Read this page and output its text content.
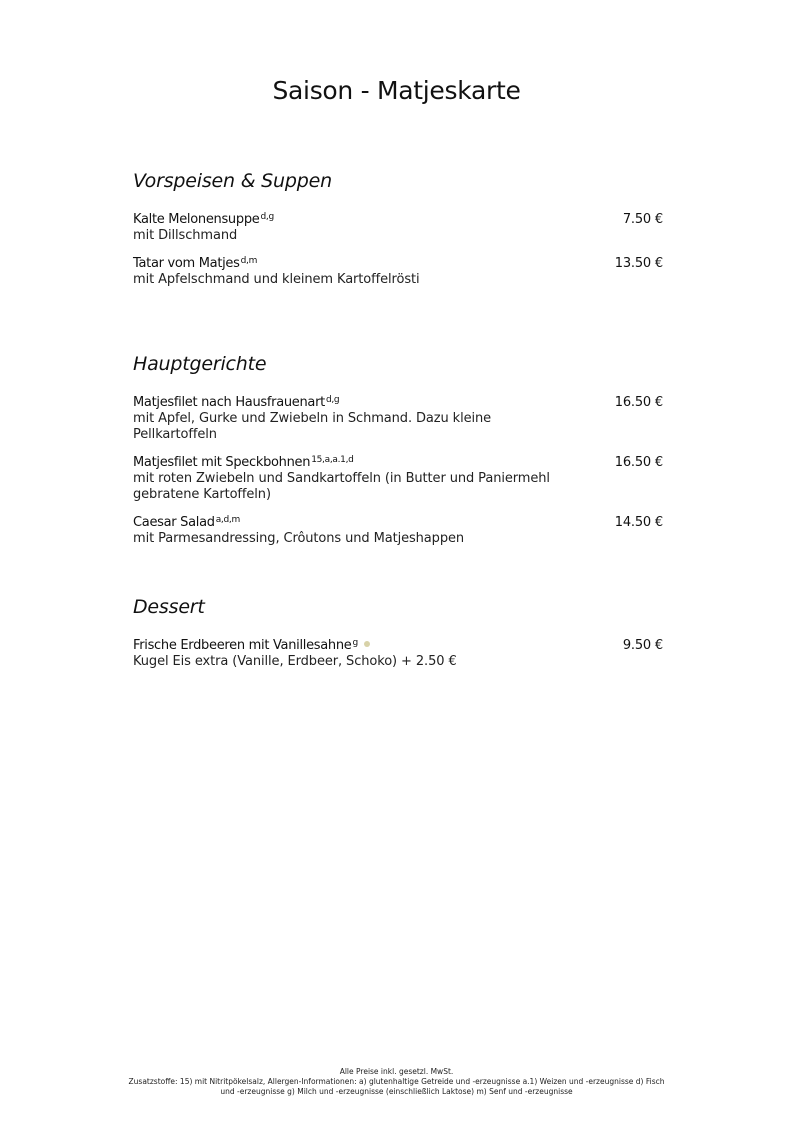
Saison - Matjeskarte
Vorspeisen & Suppen
Kalte Melonensuppe$^{d,g}$
mit Dillschmand
7.50 €
Tatar vom Matjes$^{d,m}$
mit Apfelschmand und kleinem Kartoffelrösti
13.50 €
Hauptgerichte
Matjesfilet nach Hausfrauenart$^{d,g}$
mit Apfel, Gurke und Zwiebeln in Schmand. Dazu kleine Pellkartoffeln
16.50 €
Matjesfilet mit Speckbohnen$^{15,a,a.1,d}$
mit roten Zwiebeln und Sandkartoffeln (in Butter und Paniermehl gebratene Kartoffeln)
16.50 €
Caesar Salad$^{a,d,m}$
mit Parmesandressing, Crôutons und Matjeshappen
14.50 €
Dessert
Frische Erdbeeren mit Vanillesahne$^g$
Kugel Eis extra (Vanille, Erdbeer, Schoko) + 2.50 €
9.50 €
Alle Preise inkl. gesetzl. MwSt.
Zusatzstoffe: 15) mit Nitritpökelsalz, Allergen-Informationen: a) glutenhaltige Getreide und -erzeugnisse a.1) Weizen und -erzeugnisse d) Fisch und -erzeugnisse g) Milch und -erzeugnisse (einschließlich Laktose) m) Senf und -erzeugnisse
